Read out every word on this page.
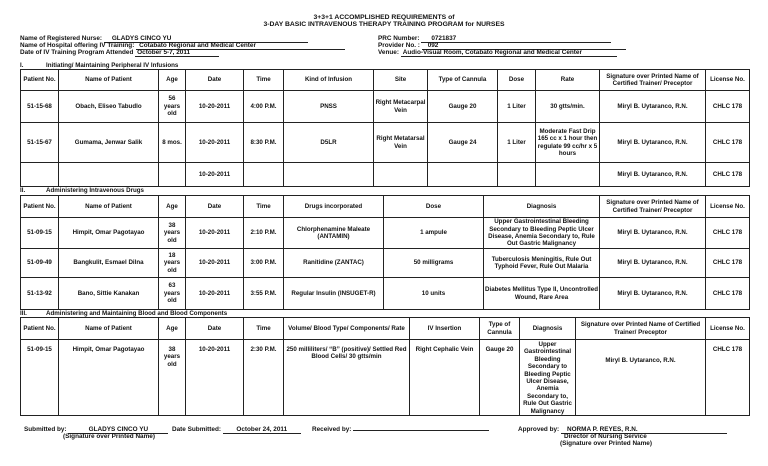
3+3+1 ACCOMPLISHED REQUIREMENTS of
3-DAY BASIC INTRAVENOUS THERAPY TRAINING PROGRAM for NURSES
Name of Registered Nurse: GLADYS CINCO YU
Name of Hospital offering IV Training: Cotabato Regional and Medical Center
Date of IV Training Program Attended October 5-7, 2011
PRC Number: 0721837
Provider No. : 092
Venue: Audio-Visual Room, Cotabato Regional and Medical Center
I.	Initiating/ Maintaining Peripheral IV Infusions
Patient No.	Name of Patient	Age	Date	Time	Kind of Infusion	Site	Type of Cannula	Dose	Rate	Signature over Printed Name of Certified Trainer/ Preceptor	License No.
51-15-68	Obach, Eliseo Tabudlo	56 years old	10-20-2011	4:00 P.M.	PNSS	Right Metacarpal Vein	Gauge 20	1 Liter	30 gtts/min.	Miryl B. Uytaranco, R.N.	CHLC 178
51-15-67	Gumama, Jenwar Salik	8 mos.	10-20-2011	8:30 P.M.	D5LR	Right Metatarsal Vein	Gauge 24	1 Liter	Moderate Fast Drip 165 cc x 1 hour then regulate 99 cc/hr x 5 hours	Miryl B. Uytaranco, R.N.	CHLC 178
			10-20-2011							Miryl B. Uytaranco, R.N.	CHLC 178
II.	Administering Intravenous Drugs
Patient No.	Name of Patient	Age	Date	Time	Drugs incorporated	Dose	Diagnosis	Signature over Printed Name of Certified Trainer/ Preceptor	License No.
51-09-15	Himpit, Omar Pagotayao	38 years old	10-20-2011	2:10 P.M.	Chlorphenamine Maleate (ANTAMIN)	1 ampule	Upper Gastrointestinal Bleeding Secondary to Bleeding Peptic Ulcer Disease, Anemia Secondary to, Rule Out Gastric Malignancy	Miryl B. Uytaranco, R.N.	CHLC 178
51-09-49	Bangkulit, Esmael Dilna	18 years old	10-20-2011	3:00 P.M.	Ranitidine (ZANTAC)	50 milligrams	Tuberculosis Meningitis, Rule Out Typhoid Fever, Rule Out Malaria	Miryl B. Uytaranco, R.N.	CHLC 178
51-13-92	Bano, Sittie Kanakan	63 years old	10-20-2011	3:55 P.M.	Regular Insulin (INSUGET-R)	10 units	Diabetes Mellitus Type II, Uncontrolled Wound, Rare Area	Miryl B. Uytaranco, R.N.	CHLC 178
III.	Administering and Maintaining Blood and Blood Components
Patient No.	Name of Patient	Age	Date	Time	Volume/ Blood Type/ Components/ Rate	IV Insertion	Type of Cannula	Diagnosis	Signature over Printed Name of Certified Trainer/ Preceptor	License No.
51-09-15	Himpit, Omar Pagotayao	38 years old	10-20-2011	2:30 P.M.	250 milliliters/ “B” (positive)/ Settled Red Blood Cells/ 30 gtts/min	Right Cephalic Vein	Gauge 20	Upper Gastrointestinal Bleeding Secondary to Bleeding Peptic Ulcer Disease, Anemia Secondary to, Rule Out Gastric Malignancy	Miryl B. Uytaranco, R.N.	CHLC 178
Submitted by:	GLADYS CINCO YU
(Signature over Printed Name)
Date Submitted: October 24, 2011	Received by:	Approved by: NORMA P. REYES, R.N.
Director of Nursing Service
(Signature over Printed Name)
